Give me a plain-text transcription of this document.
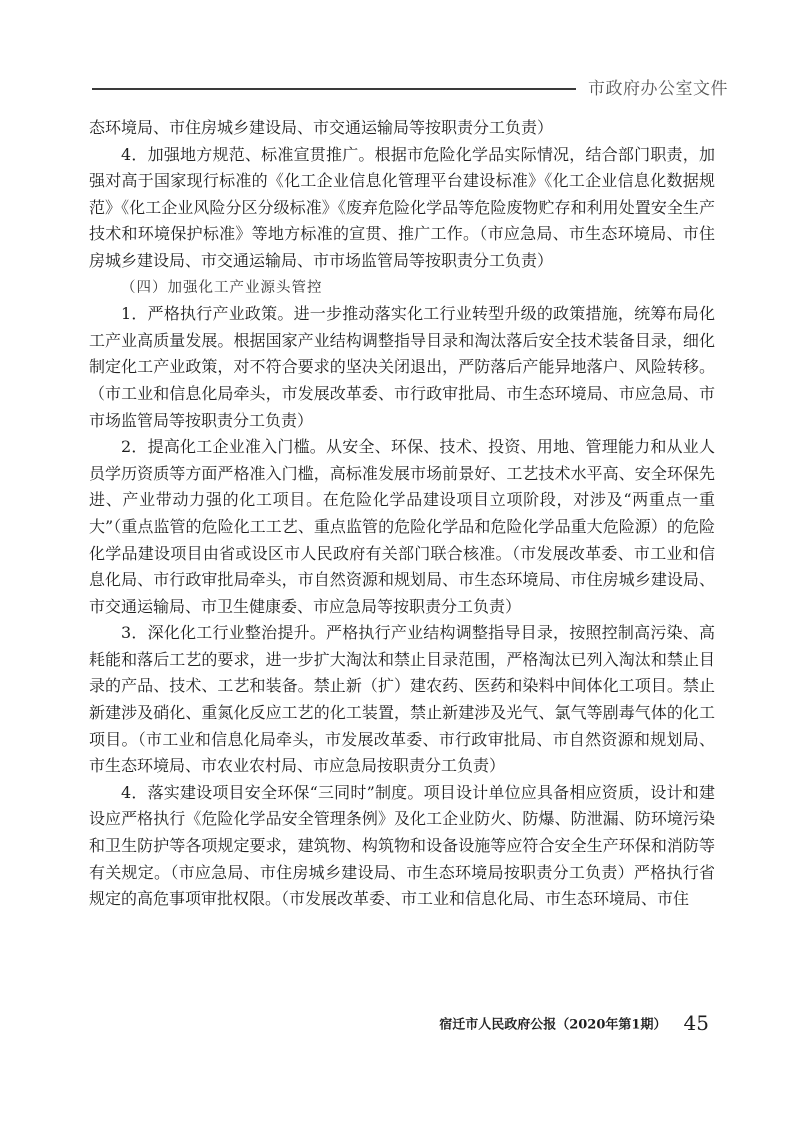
市政府办公室文件

态环境局、市住房城乡建设局、市交通运输局等按职责分工负责）

4．加强地方规范、标准宣贯推广。根据市危险化学品实际情况，结合部门职责，加强对高于国家现行标准的《化工企业信息化管理平台建设标准》《化工企业信息化数据规范》《化工企业风险分区分级标准》《废弃危险化学品等危险废物贮存和利用处置安全生产技术和环境保护标准》等地方标准的宣贯、推广工作。（市应急局、市生态环境局、市住房城乡建设局、市交通运输局、市市场监管局等按职责分工负责）

（四）加强化工产业源头管控

1．严格执行产业政策。进一步推动落实化工行业转型升级的政策措施，统筹布局化工产业高质量发展。根据国家产业结构调整指导目录和淘汰落后安全技术装备目录，细化制定化工产业政策，对不符合要求的坚决关闭退出，严防落后产能异地落户、风险转移。（市工业和信息化局牵头，市发展改革委、市行政审批局、市生态环境局、市应急局、市市场监管局等按职责分工负责）

2．提高化工企业准入门槛。从安全、环保、技术、投资、用地、管理能力和从业人员学历资质等方面严格准入门槛，高标准发展市场前景好、工艺技术水平高、安全环保先进、产业带动力强的化工项目。在危险化学品建设项目立项阶段，对涉及“两重点一重大”（重点监管的危险化工工艺、重点监管的危险化学品和危险化学品重大危险源）的危险化学品建设项目由省或设区市人民政府有关部门联合核准。（市发展改革委、市工业和信息化局、市行政审批局牵头，市自然资源和规划局、市生态环境局、市住房城乡建设局、市交通运输局、市卫生健康委、市应急局等按职责分工负责）

3．深化化工行业整治提升。严格执行产业结构调整指导目录，按照控制高污染、高耗能和落后工艺的要求，进一步扩大淘汰和禁止目录范围，严格淘汰已列入淘汰和禁止目录的产品、技术、工艺和装备。禁止新（扩）建农药、医药和染料中间体化工项目。禁止新建涉及硝化、重氮化反应工艺的化工装置，禁止新建涉及光气、氯气等剧毒气体的化工项目。（市工业和信息化局牵头，市发展改革委、市行政审批局、市自然资源和规划局、市生态环境局、市农业农村局、市应急局按职责分工负责）

4．落实建设项目安全环保“三同时”制度。项目设计单位应具备相应资质，设计和建设应严格执行《危险化学品安全管理条例》及化工企业防火、防爆、防泄漏、防环境污染和卫生防护等各项规定要求，建筑物、构筑物和设备设施等应符合安全生产环保和消防等有关规定。（市应急局、市住房城乡建设局、市生态环境局按职责分工负责）严格执行省规定的高危事项审批权限。（市发展改革委、市工业和信息化局、市生态环境局、市住

宿迁市人民政府公报（2020年第1期） 45
